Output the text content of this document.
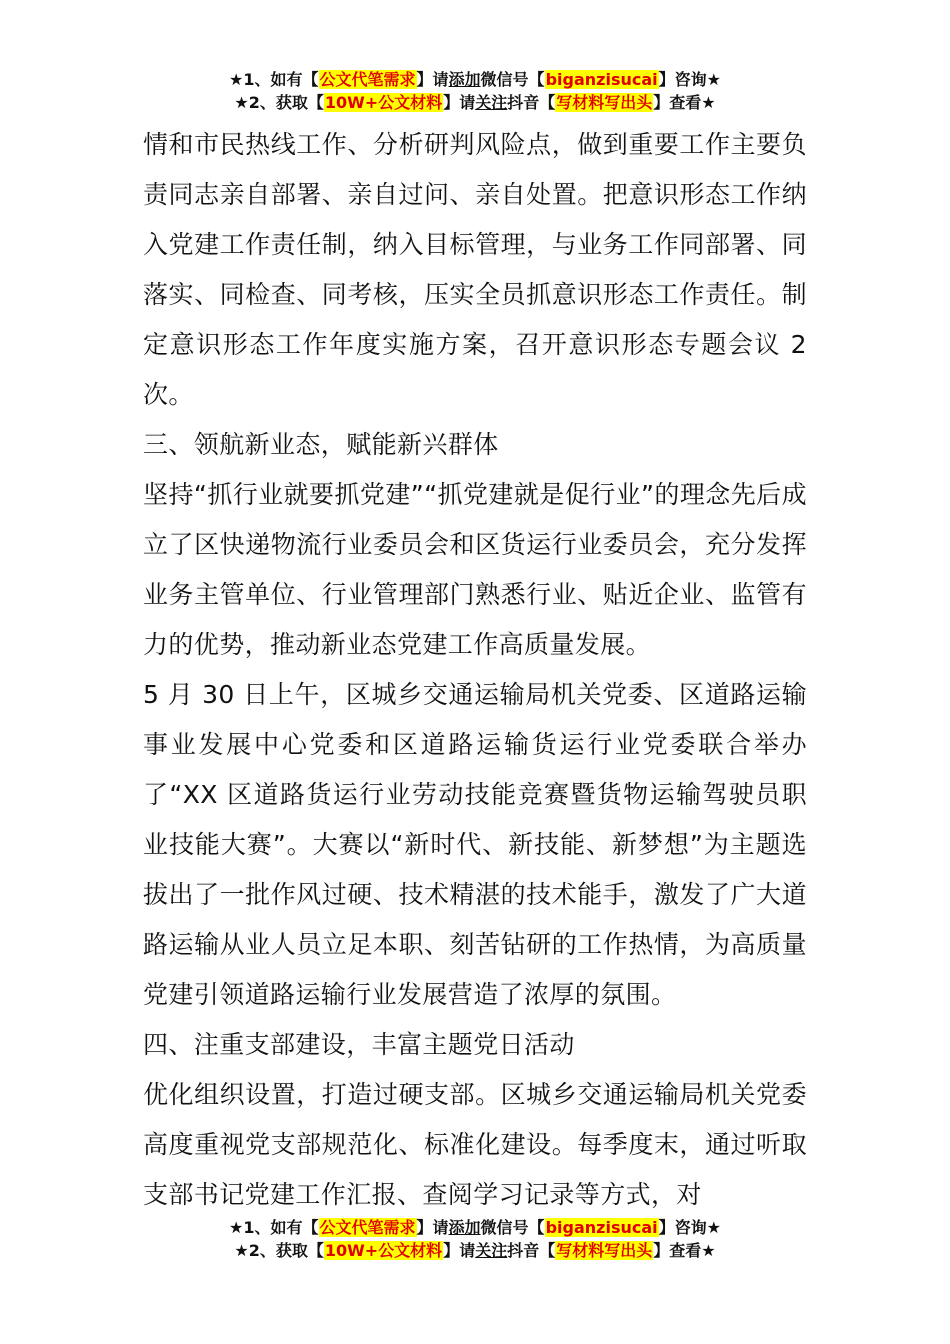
★1、如有【公文代笔需求】请添加微信号【biganzisucai】咨询★
★2、获取【10W+公文材料】请关注抖音【写材料写出头】查看★

情和市民热线工作、分析研判风险点，做到重要工作主要负责同志亲自部署、亲自过问、亲自处置。把意识形态工作纳入党建工作责任制，纳入目标管理，与业务工作同部署、同落实、同检查、同考核，压实全员抓意识形态工作责任。制定意识形态工作年度实施方案，召开意识形态专题会议 2 次。

三、领航新业态，赋能新兴群体

坚持“抓行业就要抓党建”“抓党建就是促行业”的理念先后成立了区快递物流行业委员会和区货运行业委员会，充分发挥业务主管单位、行业管理部门熟悉行业、贴近企业、监管有力的优势，推动新业态党建工作高质量发展。

5 月 30 日上午，区城乡交通运输局机关党委、区道路运输事业发展中心党委和区道路运输货运行业党委联合举办了“XX 区道路货运行业劳动技能竞赛暨货物运输驾驶员职业技能大赛”。大赛以“新时代、新技能、新梦想”为主题选拔出了一批作风过硬、技术精湛的技术能手，激发了广大道路运输从业人员立足本职、刻苦钻研的工作热情，为高质量党建引领道路运输行业发展营造了浓厚的氛围。

四、注重支部建设，丰富主题党日活动

优化组织设置，打造过硬支部。区城乡交通运输局机关党委高度重视党支部规范化、标准化建设。每季度末，通过听取支部书记党建工作汇报、查阅学习记录等方式，对

★1、如有【公文代笔需求】请添加微信号【biganzisucai】咨询★
★2、获取【10W+公文材料】请关注抖音【写材料写出头】查看★
